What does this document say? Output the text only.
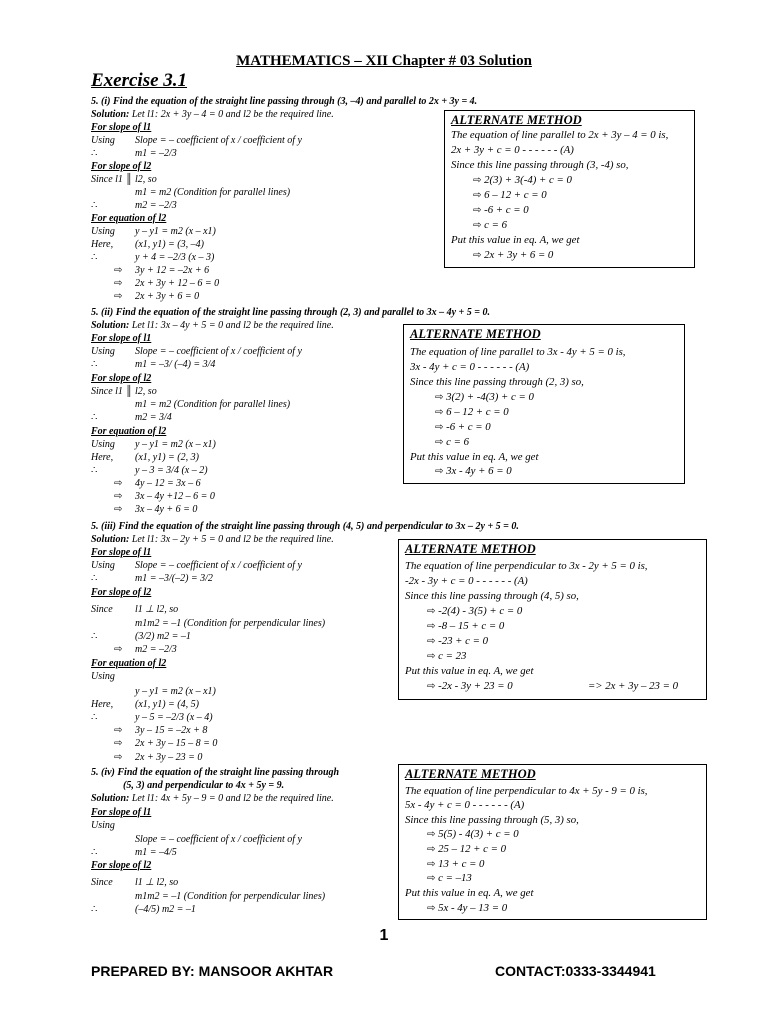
MATHEMATICS – XII Chapter # 03 Solution
Exercise 3.1
5. (i) Find the equation of the straight line passing through (3, –4) and parallel to 2x + 3y = 4.
Solution: Let l1: 2x + 3y – 4 = 0 and l2 be the required line.
For slope of l1
Using Slope = – coefficient of x / coefficient of y
∴	m1 = –2/3
For slope of l2
Since l1 ║ l2, so
m1 = m2 (Condition for parallel lines)
∴	m2 = –2/3
For equation of l2
Using y – y1 = m2 (x – x1)
Here, (x1, y1) = (3, –4)
∴	y + 4 = –2/3 (x – 3)
⇨ 3y + 12 = –2x + 6
⇨ 2x + 3y + 12 – 6 = 0
⇨ 2x + 3y + 6 = 0
ALTERNATE METHOD
The equation of line parallel to 2x + 3y – 4 = 0 is,
2x + 3y + c = 0 - - - - - - (A)
Since this line passing through (3, -4) so,
⇨ 2(3) + 3(-4) + c = 0
⇨ 6 – 12 + c = 0
⇨ -6 + c = 0
⇨ c = 6
Put this value in eq. A, we get
⇨ 2x + 3y + 6 = 0
5. (ii) Find the equation of the straight line passing through (2, 3) and parallel to 3x – 4y + 5 = 0.
Solution: Let l1: 3x – 4y + 5 = 0 and l2 be the required line.
For slope of l1
Using Slope = – coefficient of x / coefficient of y
∴	m1 = –3/ (–4) = 3/4
For slope of l2
Since l1 ║ l2, so
m1 = m2 (Condition for parallel lines)
∴	m2 = 3/4
For equation of l2
Using y – y1 = m2 (x – x1)
Here, (x1, y1) = (2, 3)
∴	y – 3 = 3/4 (x – 2)
⇨ 4y – 12 = 3x – 6
⇨ 3x – 4y +12 – 6 = 0
⇨ 3x – 4y + 6 = 0
ALTERNATE METHOD
The equation of line parallel to 3x - 4y + 5 = 0 is,
3x - 4y + c = 0 - - - - - - (A)
Since this line passing through (2, 3) so,
⇨ 3(2) + -4(3) + c = 0
⇨ 6 – 12 + c = 0
⇨ -6 + c = 0
⇨ c = 6
Put this value in eq. A, we get
⇨ 3x - 4y + 6 = 0
5. (iii) Find the equation of the straight line passing through (4, 5) and perpendicular to 3x – 2y + 5 = 0.
Solution: Let l1: 3x – 2y + 5 = 0 and l2 be the required line.
For slope of l1
Using Slope = – coefficient of x / coefficient of y
∴	m1 = –3/(–2) = 3/2
For slope of l2
Since l1 ⊥ l2, so
m1m2 = –1 (Condition for perpendicular lines)
∴	(3/2) m2 = –1
⇨ m2 = –2/3
For equation of l2
Using
y – y1 = m2 (x – x1)
Here, (x1, y1) = (4, 5)
∴	y – 5 = –2/3 (x – 4)
⇨ 3y – 15 = –2x + 8
⇨ 2x + 3y – 15 – 8 = 0
⇨ 2x + 3y – 23 = 0
ALTERNATE METHOD
The equation of line perpendicular to 3x - 2y + 5 = 0 is,
-2x - 3y + c = 0 - - - - - - (A)
Since this line passing through (4, 5) so,
⇨ -2(4) - 3(5) + c = 0
⇨ -8 – 15 + c = 0
⇨ -23 + c = 0
⇨ c = 23
Put this value in eq. A, we get
⇨ -2x - 3y + 23 = 0	=> 2x + 3y – 23 = 0
5. (iv) Find the equation of the straight line passing through
(5, 3) and perpendicular to 4x + 5y = 9.
Solution: Let l1: 4x + 5y – 9 = 0 and l2 be the required line.
For slope of l1
Using
Slope = – coefficient of x / coefficient of y
∴	m1 = –4/5
For slope of l2
Since l1 ⊥ l2, so
m1m2 = –1 (Condition for perpendicular lines)
∴	(–4/5) m2 = –1
ALTERNATE METHOD
The equation of line perpendicular to 4x + 5y - 9 = 0 is,
5x - 4y + c = 0 - - - - - - (A)
Since this line passing through (5, 3) so,
⇨ 5(5) - 4(3) + c = 0
⇨ 25 – 12 + c = 0
⇨ 13 + c = 0
⇨ c = –13
Put this value in eq. A, we get
⇨ 5x - 4y – 13 = 0
1
PREPARED BY: MANSOOR AKHTAR	CONTACT:0333-3344941
